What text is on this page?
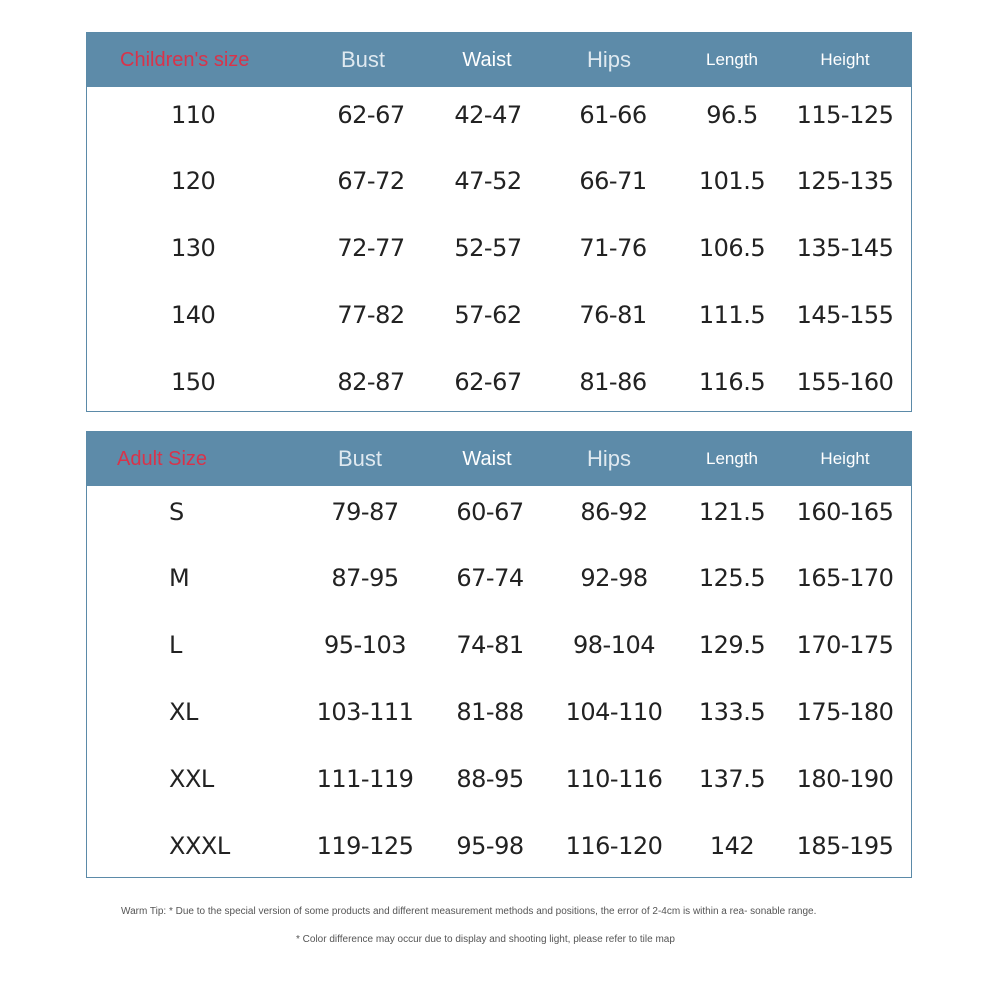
Children's size	Bust	Waist	Hips	Length	Height
110	62-67 42-47 61-66 96.5 115-125
120	67-72 47-52 66-71 101.5 125-135
130	72-77 52-57 71-76 106.5 135-145
140	77-82 57-62 76-81 111.5 145-155
150	82-87 62-67 81-86 116.5 155-160
Adult Size	Bust	Waist	Hips	Length	Height
S	79-87 60-67 86-92 121.5 160-165
M	87-95 67-74 92-98 125.5 165-170
L	95-103 74-81 98-104 129.5 170-175
XL	103-111 81-88 104-110 133.5 175-180
XXL	111-119 88-95 110-116 137.5 180-190
XXXL	119-125 95-98 116-120 142 185-195
Warm Tip: * Due to the special version of some products and different measurement methods and positions, the error of 2-4cm is within a rea- sonable range.
* Color difference may occur due to display and shooting light, please refer to tile map
